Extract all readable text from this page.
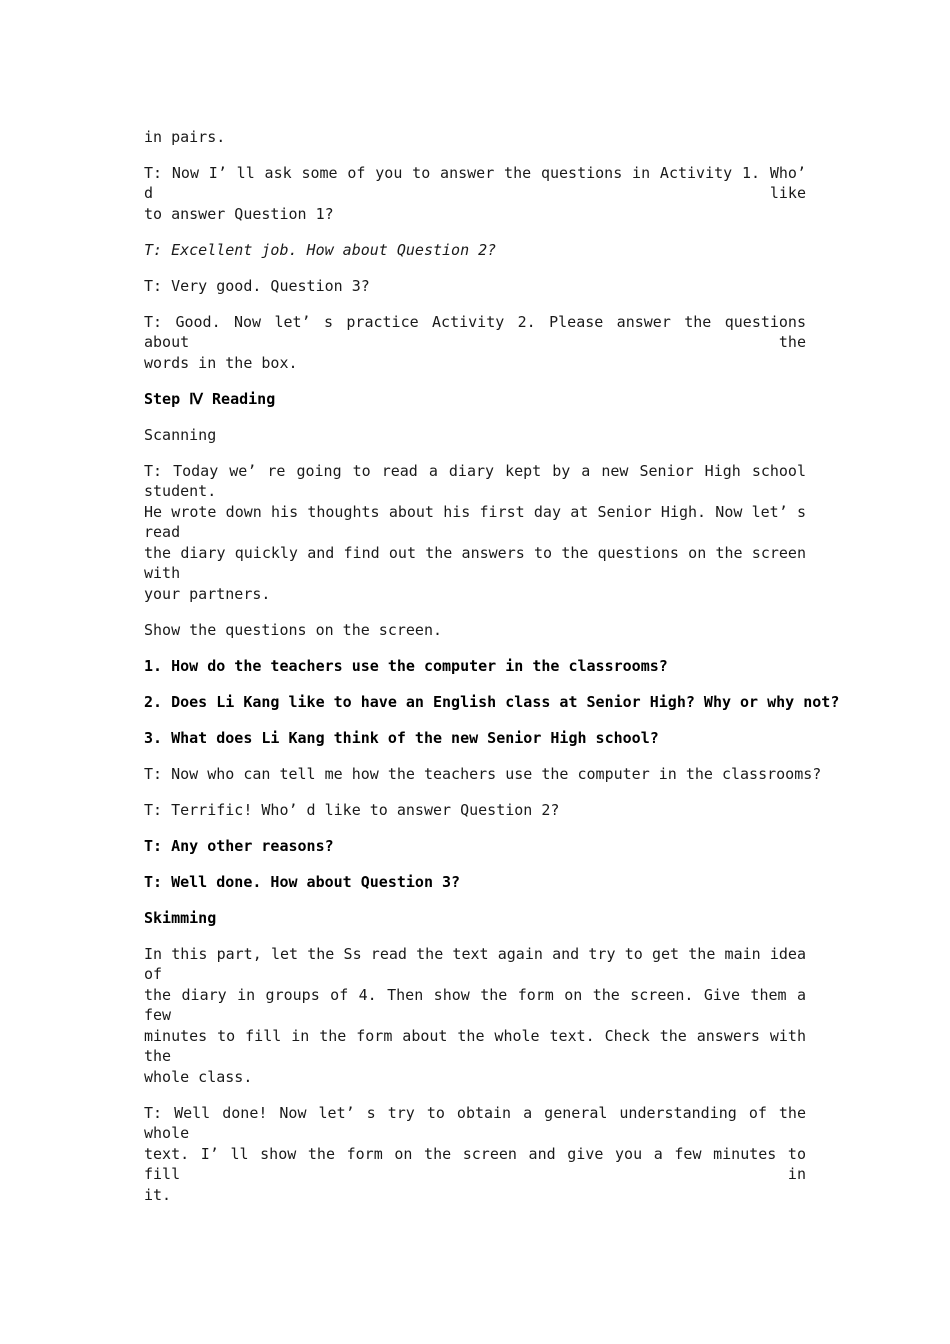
in pairs.
T: Now I’ ll ask some of you to answer the questions in Activity 1. Who’ d like
to answer Question 1?
T: Excellent job. How about Question 2?
T: Very good. Question 3?
T: Good. Now let’ s practice Activity 2. Please answer the questions about the
words in the box.
Step Ⅳ Reading
Scanning
T: Today we’ re going to read a diary kept by a new Senior High school student.
He wrote down his thoughts about his first day at Senior High. Now let’ s read
the diary quickly and find out the answers to the questions on the screen with
your partners.
Show the questions on the screen.
1. How do the teachers use the computer in the classrooms?
2. Does Li Kang like to have an English class at Senior High? Why or why not?
3. What does Li Kang think of the new Senior High school?
T: Now who can tell me how the teachers use the computer in the classrooms?
T: Terrific! Who’ d like to answer Question 2?
T: Any other reasons?
T: Well done. How about Question 3?
Skimming
In this part, let the Ss read the text again and try to get the main idea of
the diary in groups of 4. Then show the form on the screen. Give them a few
minutes to fill in the form about the whole text. Check the answers with the
whole class.
T: Well done! Now let’ s try to obtain a general understanding of the whole
text. I’ ll show the form on the screen and give you a few minutes to fill in
it.
